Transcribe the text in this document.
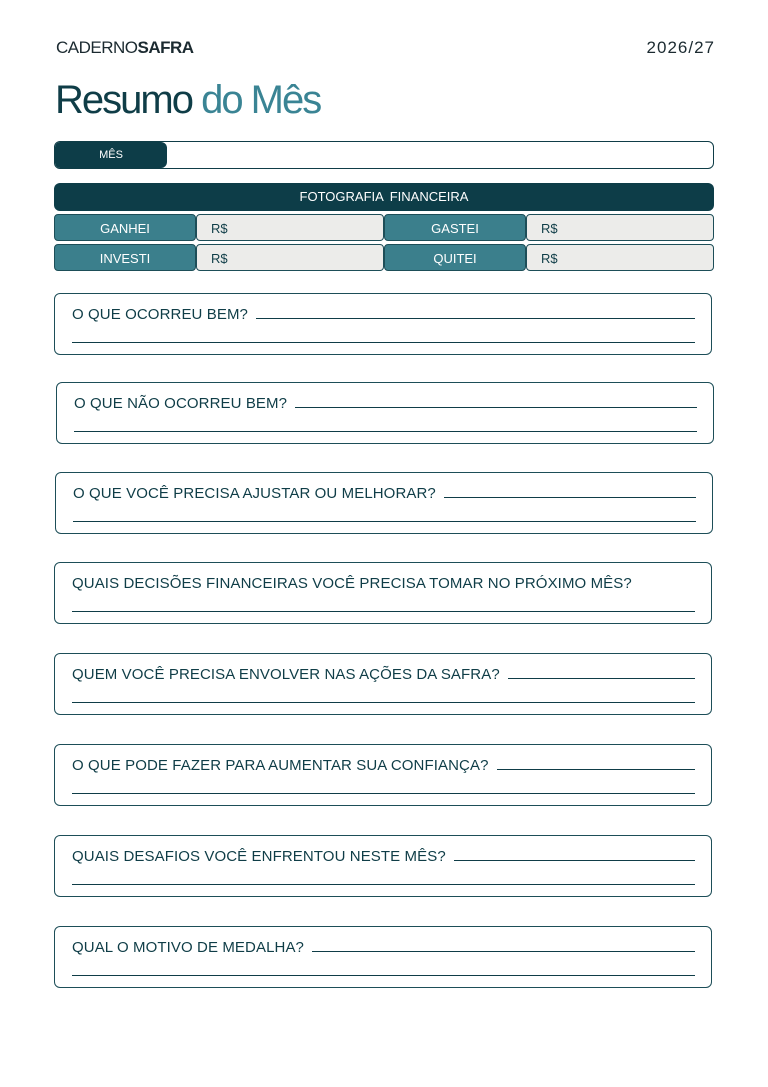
CADERNOSAFRA	2026/27
Resumo do Mês
MÊS
FOTOGRAFIA FINANCEIRA
GANHEI	R$	GASTEI	R$
INVESTI	R$	QUITEI	R$
O QUE OCORREU BEM?
O QUE NÃO OCORREU BEM?
O QUE VOCÊ PRECISA AJUSTAR OU MELHORAR?
QUAIS DECISÕES FINANCEIRAS VOCÊ PRECISA TOMAR NO PRÓXIMO MÊS?
QUEM VOCÊ PRECISA ENVOLVER NAS AÇÕES DA SAFRA?
O QUE PODE FAZER PARA AUMENTAR SUA CONFIANÇA?
QUAIS DESAFIOS VOCÊ ENFRENTOU NESTE MÊS?
QUAL O MOTIVO DE MEDALHA?
